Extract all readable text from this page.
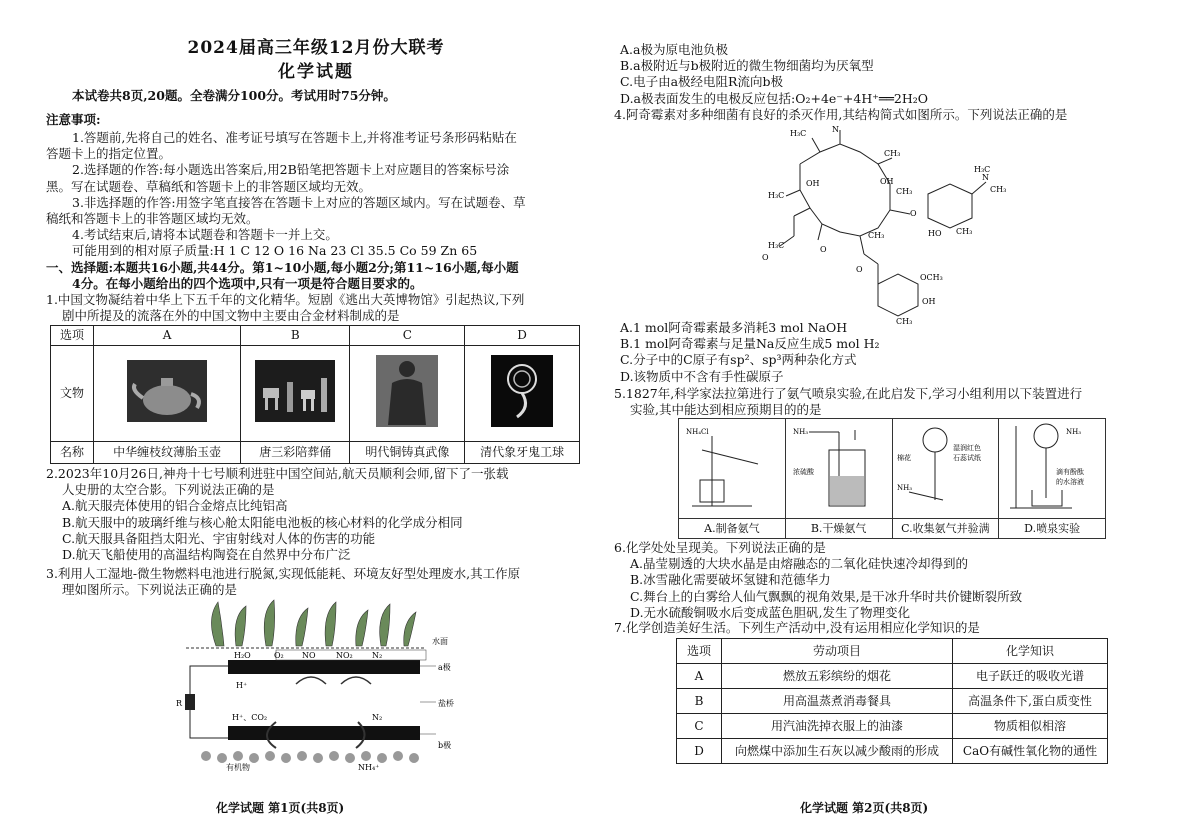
2024届高三年级12月份大联考
化学试题
本试卷共8页,20题。全卷满分100分。考试用时75分钟。
注意事项:
1.答题前,先将自己的姓名、准考证号填写在答题卡上,并将准考证号条形码粘贴在
答题卡上的指定位置。
2.选择题的作答:每小题选出答案后,用2B铅笔把答题卡上对应题目的答案标号涂
黑。写在试题卷、草稿纸和答题卡上的非答题区域均无效。
3.非选择题的作答:用签字笔直接答在答题卡上对应的答题区域内。写在试题卷、草
稿纸和答题卡上的非答题区域均无效。
4.考试结束后,请将本试题卷和答题卡一并上交。
可能用到的相对原子质量:H 1 C 12 O 16 Na 23 Cl 35.5 Co 59 Zn 65
一、选择题:本题共16小题,共44分。第1~10小题,每小题2分;第11~16小题,每小题
4分。在每小题给出的四个选项中,只有一项是符合题目要求的。
1.中国文物凝结着中华上下五千年的文化精华。短剧《逃出大英博物馆》引起热议,下列
剧中所提及的流落在外的中国文物中主要由合金材料制成的是
选项	A	B	C	D
文物				
名称	中华缠枝纹薄胎玉壶	唐三彩陪葬俑	明代铜铸真武像	清代象牙鬼工球
2.2023年10月26日,神舟十七号顺利进驻中国空间站,航天员顺利会师,留下了一张载
人史册的太空合影。下列说法正确的是
A.航天服壳体使用的铝合金熔点比纯铝高
B.航天服中的玻璃纤维与核心舱太阳能电池板的核心材料的化学成分相同
C.航天服具备阻挡太阳光、宇宙射线对人体的伤害的功能
D.航天飞船使用的高温结构陶瓷在自然界中分布广泛
3.利用人工湿地-微生物燃料电池进行脱氮,实现低能耗、环境友好型处理废水,其工作原
理如图所示。下列说法正确的是
水面
R
H₂O	O₂ NO	NO₂ N₂
H⁺
a极
盐桥
H⁺、CO₂	N₂
b极
有机物	NH₄⁺
化学试题 第1页(共8页)
A.a极为原电池负极
B.a极附近与b极附近的微生物细菌均为厌氧型
C.电子由a极经电阻R流向b极
D.a极表面发生的电极反应包括:O₂+4e⁻+4H⁺══2H₂O
4.阿奇霉素对多种细菌有良好的杀灭作用,其结构简式如图所示。下列说法正确的是
N
H₃C
CH₃
H₃C
OH
OH
CH₃
H₃C	O
O
O
CH₃
HO
N
CH₃
H₃C
O
OCH₃
OH
CH₃
CH₃
A.1 mol阿奇霉素最多消耗3 mol NaOH
B.1 mol阿奇霉素与足量Na反应生成5 mol H₂
C.分子中的C原子有sp²、sp³两种杂化方式
D.该物质中不含有手性碳原子
5.1827年,科学家法拉第进行了氨气喷泉实验,在此启发下,学习小组利用以下装置进行
实验,其中能达到相应预期目的的是
NH₄Cl	NH₃
浓硫酸	棉花
湿润红色
石蕊试纸
NH₃	NH₃
滴有酚酞
的水溶液

A.制备氨气	B.干燥氨气	C.收集氨气并验满	D.喷泉实验
6.化学处处呈现美。下列说法正确的是
A.晶莹剔透的大块水晶是由熔融态的二氧化硅快速冷却得到的
B.冰雪融化需要破坏氢键和范德华力
C.舞台上的白雾给人仙气飘飘的视角效果,是干冰升华时共价键断裂所致
D.无水硫酸铜吸水后变成蓝色胆矾,发生了物理变化
7.化学创造美好生活。下列生产活动中,没有运用相应化学知识的是
选项	劳动项目	化学知识
A	燃放五彩缤纷的烟花	电子跃迁的吸收光谱
B	用高温蒸煮消毒餐具	高温条件下,蛋白质变性
C	用汽油洗掉衣服上的油漆	物质相似相溶
D	向燃煤中添加生石灰以减少酸雨的形成	CaO有碱性氧化物的通性
化学试题 第2页(共8页)
